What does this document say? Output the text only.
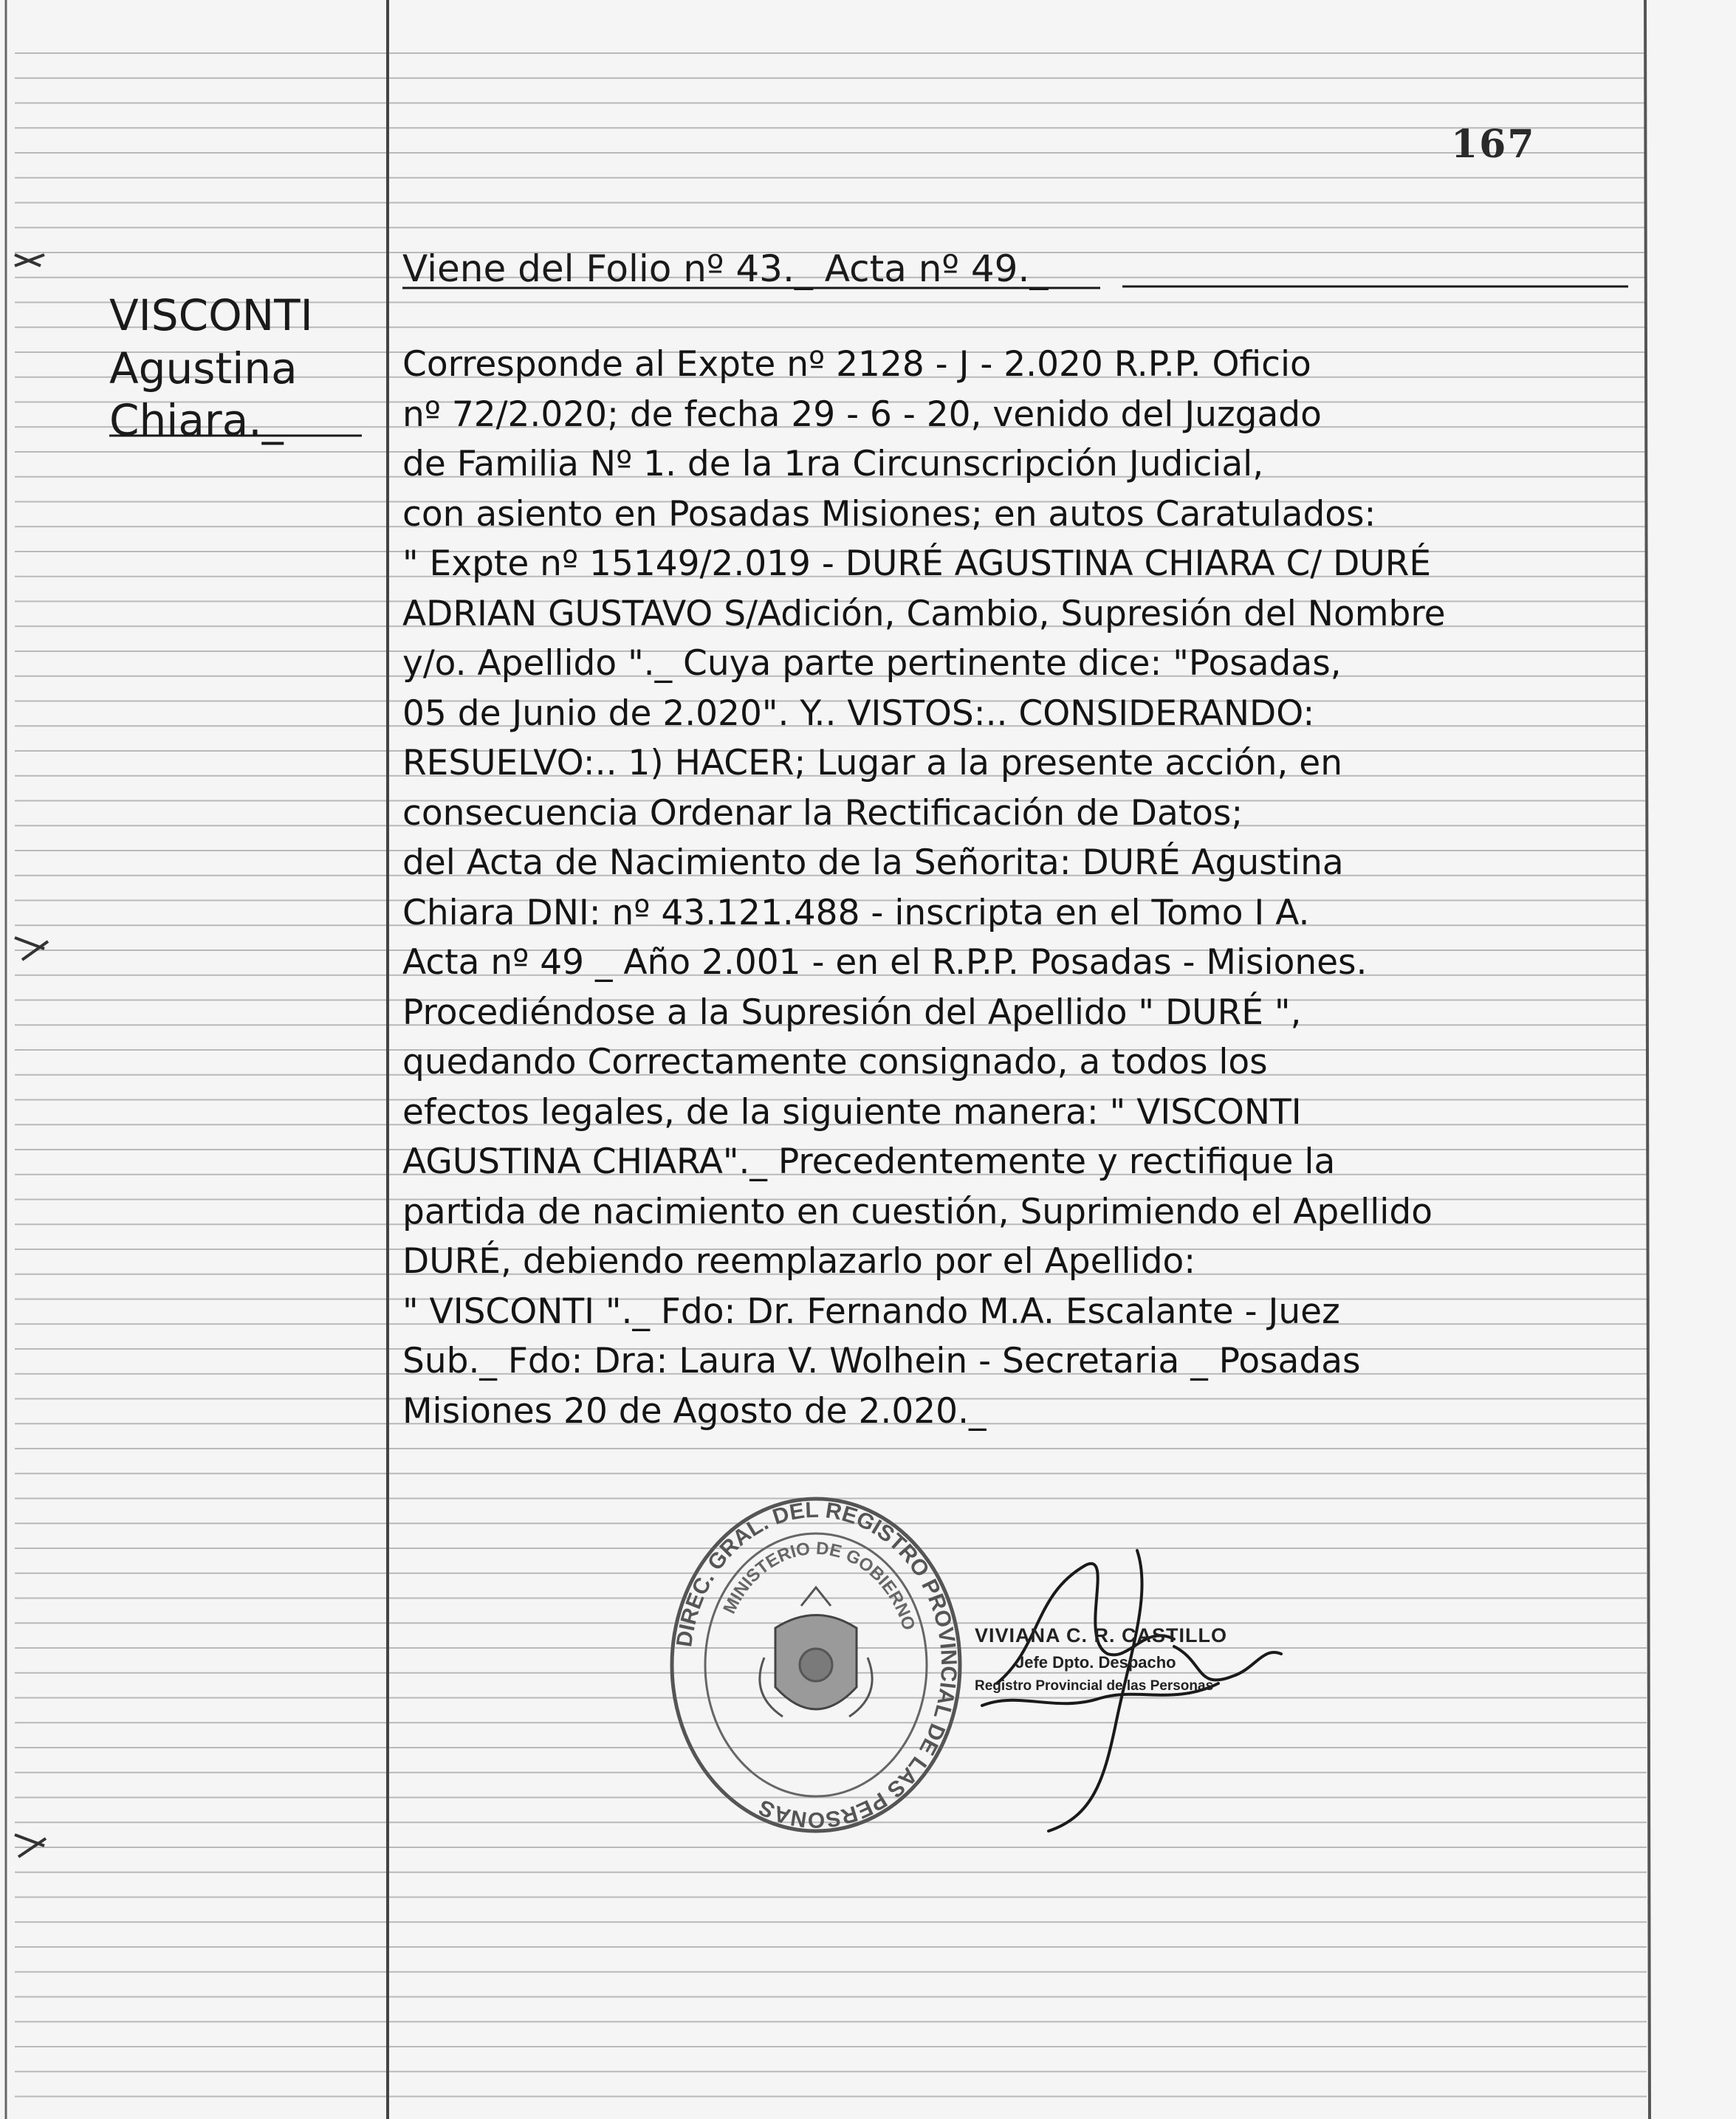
167
VISCONTI
Agustina
Chiara._
Viene del Folio nº 43._ Acta nº 49._
Corresponde al Expte nº 2128 - J - 2.020 R.P.P. Oficio
nº 72/2.020; de fecha 29 - 6 - 20, venido del Juzgado
de Familia Nº 1. de la 1ra Circunscripción Judicial,
con asiento en Posadas Misiones; en autos Caratulados:
" Expte nº 15149/2.019 - DURÉ AGUSTINA CHIARA C/ DURÉ
ADRIAN GUSTAVO S/Adición, Cambio, Supresión del Nombre
y/o. Apellido "._ Cuya parte pertinente dice: "Posadas,
05 de Junio de 2.020". Y.. VISTOS:.. CONSIDERANDO:
RESUELVO:.. 1) HACER; Lugar a la presente acción, en
consecuencia Ordenar la Rectificación de Datos;
del Acta de Nacimiento de la Señorita: DURÉ Agustina
Chiara DNI: nº 43.121.488 - inscripta en el Tomo I A.
Acta nº 49 _ Año 2.001 - en el R.P.P. Posadas - Misiones.
Procediéndose a la Supresión del Apellido " DURÉ ",
quedando Correctamente consignado, a todos los
efectos legales, de la siguiente manera: " VISCONTI
AGUSTINA CHIARA"._ Precedentemente y rectifique la
partida de nacimiento en cuestión, Suprimiendo el Apellido
DURÉ, debiendo reemplazarlo por el Apellido:
" VISCONTI "._ Fdo: Dr. Fernando M.A. Escalante - Juez
Sub._ Fdo: Dra: Laura V. Wolhein - Secretaria _ Posadas
Misiones 20 de Agosto de 2.020._
DIREC. GRAL. DEL REGISTRO PROVINCIAL DE LAS PERSONAS
MINISTERIO DE GOBIERNO
VIVIANA C. R. CASTILLO
Jefe Dpto. Despacho
Registro Provincial de las Personas
